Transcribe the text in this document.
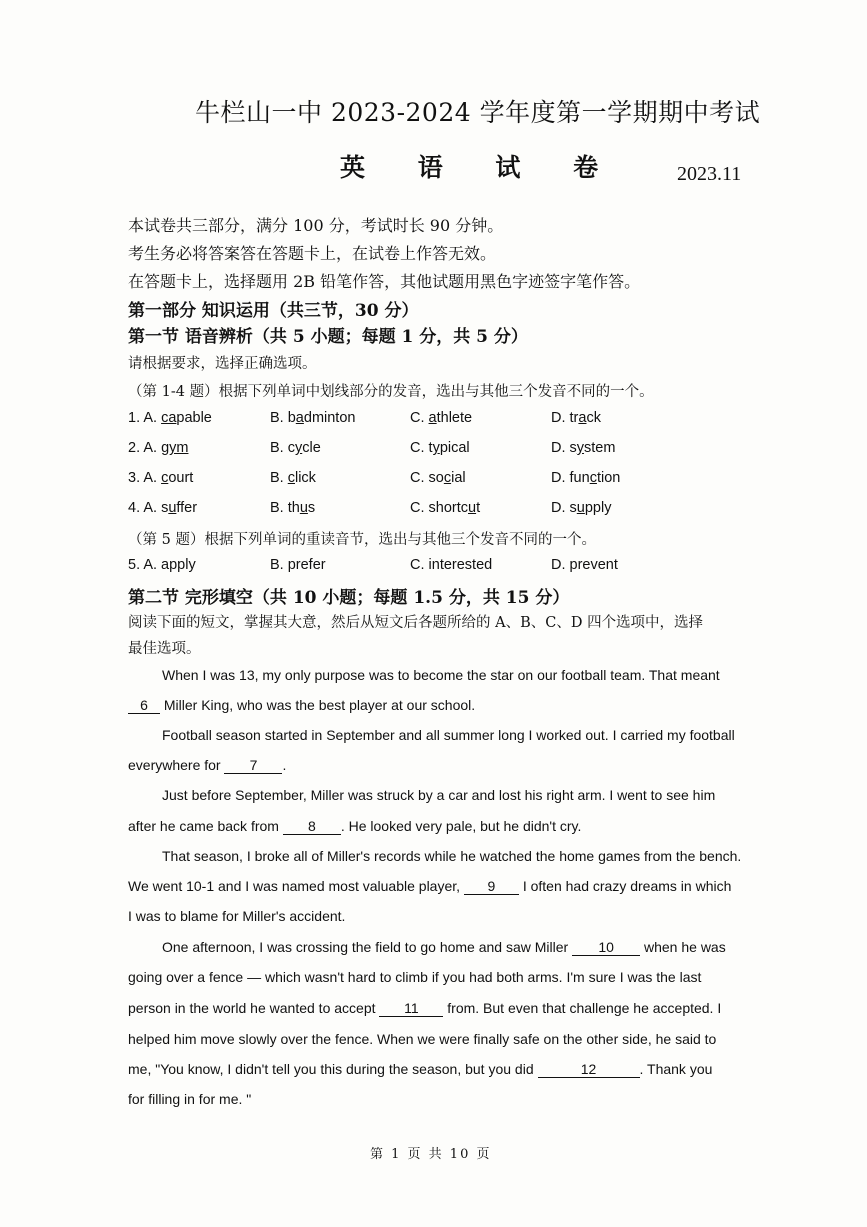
牛栏山一中 2023-2024 学年度第一学期期中考试
英 语 试 卷	2023.11
本试卷共三部分，满分 100 分，考试时长 90 分钟。
考生务必将答案答在答题卡上，在试卷上作答无效。
在答题卡上，选择题用 2B 铅笔作答，其他试题用黑色字迹签字笔作答。
第一部分 知识运用（共三节，30 分）
第一节 语音辨析（共 5 小题；每题 1 分，共 5 分）
请根据要求，选择正确选项。
（第 1-4 题）根据下列单词中划线部分的发音，选出与其他三个发音不同的一个。
1. A. capable	B. badminton	C. athlete	D. track
2. A. gym	B. cycle	C. typical	D. system
3. A. court	B. click	C. social	D. function
4. A. suffer	B. thus	C. shortcut	D. supply
（第 5 题）根据下列单词的重读音节，选出与其他三个发音不同的一个。
5. A. apply	B. prefer	C. interested	D. prevent
第二节 完形填空（共 10 小题；每题 1.5 分，共 15 分）
阅读下面的短文，掌握其大意，然后从短文后各题所给的 A、B、C、D 四个选项中，选择
最佳选项。
When I was 13, my only purpose was to become the star on our football team. That meant
6 Miller King, who was the best player at our school.
Football season started in September and all summer long I worked out. I carried my football
everywhere for 7 .
Just before September, Miller was struck by a car and lost his right arm. I went to see him
after he came back from 8 . He looked very pale, but he didn't cry.
That season, I broke all of Miller's records while he watched the home games from the bench.
We went 10-1 and I was named most valuable player, 9 I often had crazy dreams in which
I was to blame for Miller's accident.
One afternoon, I was crossing the field to go home and saw Miller 10 when he was
going over a fence — which wasn't hard to climb if you had both arms. I'm sure I was the last
person in the world he wanted to accept 11 from. But even that challenge he accepted. I
helped him move slowly over the fence. When we were finally safe on the other side, he said to
me, "You know, I didn't tell you this during the season, but you did	12	. Thank you
for filling in for me. "
第 1 页 共 10 页
